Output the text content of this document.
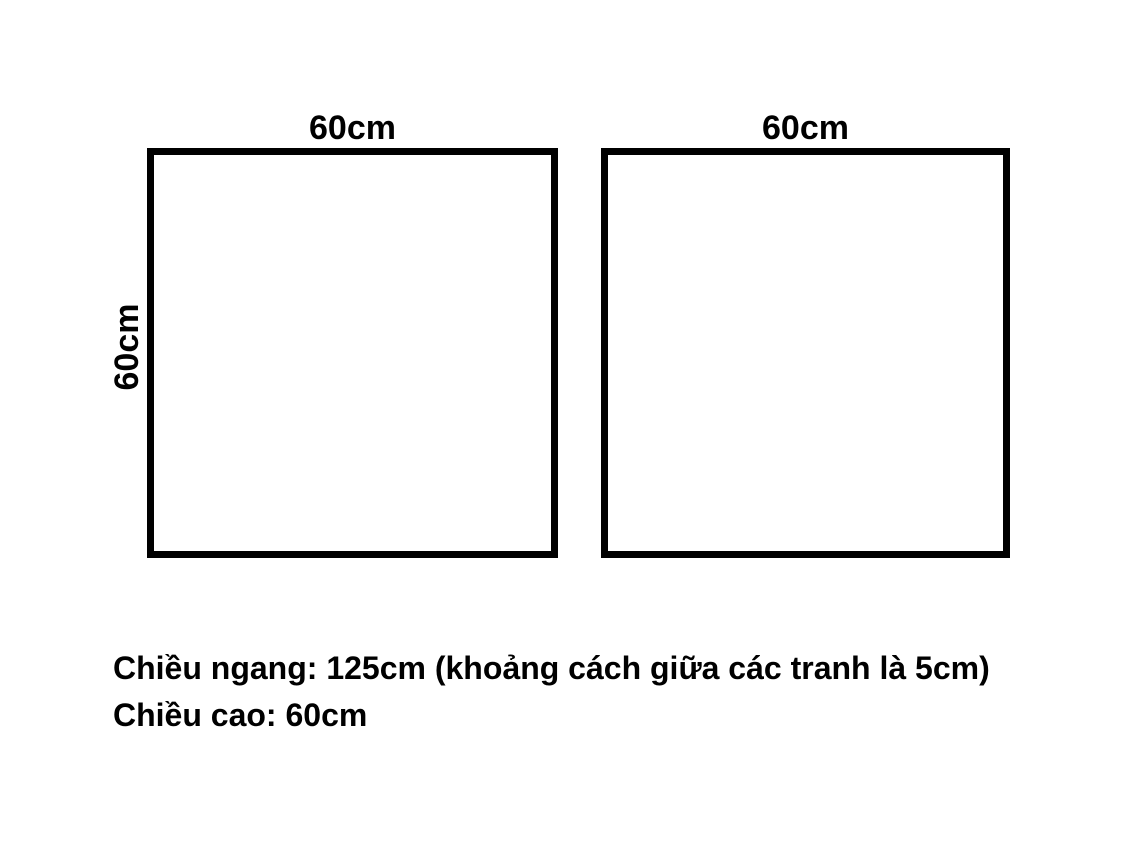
60cm	60cm
60cm
Chiều ngang: 125cm (khoảng cách giữa các tranh là 5cm)
Chiều cao: 60cm
